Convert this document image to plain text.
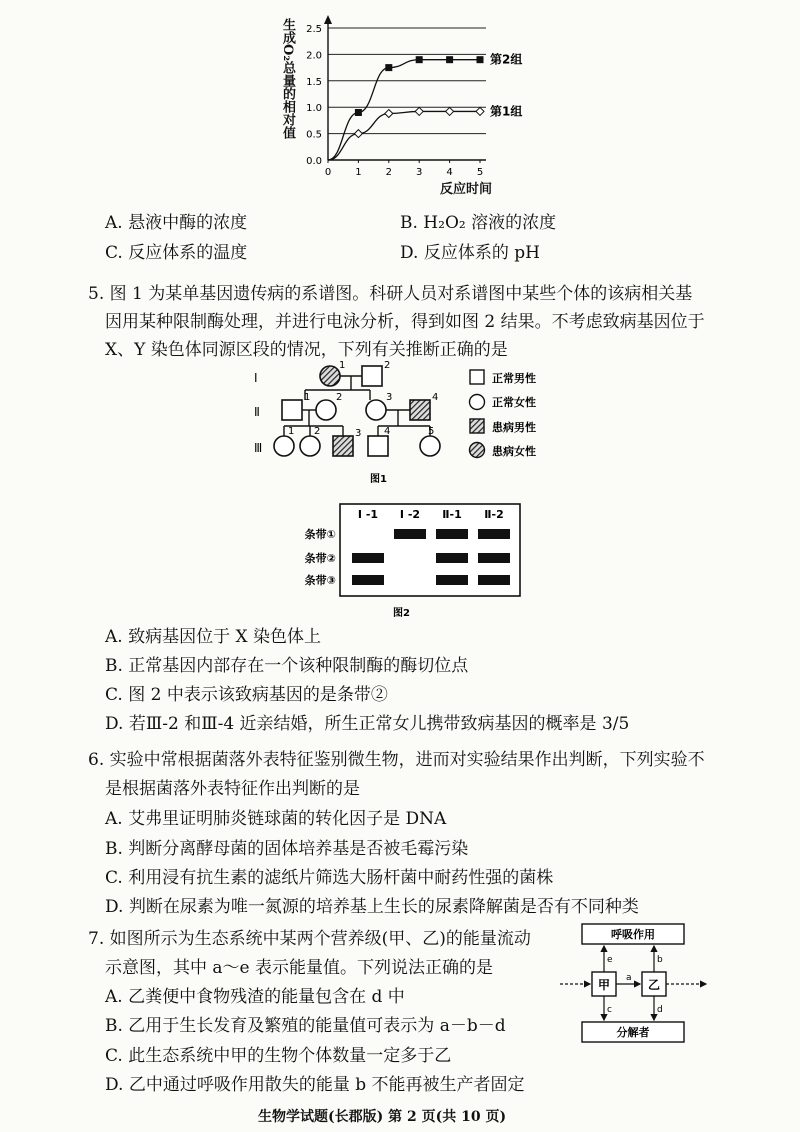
0.0
0.5
1.0
1.5
2.0
2.5
0 1 2 3 4 5
第2组
第1组
生成O₂总量的相对值
反应时间
A. 悬液中酶的浓度	B. H₂O₂ 溶液的浓度
C. 反应体系的温度	D. 反应体系的 pH
5. 图 1 为某单基因遗传病的系谱图。科研人员对系谱图中某些个体的该病相关基
因用某种限制酶处理，并进行电泳分析，得到如图 2 结果。不考虑致病基因位于
X、Y 染色体同源区段的情况，下列有关推断正确的是
I
1	2
Ⅱ
1	2	3	4
Ⅲ
1 2	3 4	5
图1
正常男性
正常女性
患病男性
患病女性
I -1 I -2 Ⅱ-1 Ⅱ-2
条带①
条带②
条带③
图2
A. 致病基因位于 X 染色体上
B. 正常基因内部存在一个该种限制酶的酶切位点
C. 图 2 中表示该致病基因的是条带②
D. 若Ⅲ-2 和Ⅲ-4 近亲结婚，所生正常女儿携带致病基因的概率是 3/5
6. 实验中常根据菌落外表特征鉴别微生物，进而对实验结果作出判断，下列实验不
是根据菌落外表特征作出判断的是
A. 艾弗里证明肺炎链球菌的转化因子是 DNA
B. 判断分离酵母菌的固体培养基是否被毛霉污染
C. 利用浸有抗生素的滤纸片筛选大肠杆菌中耐药性强的菌株
D. 判断在尿素为唯一氮源的培养基上生长的尿素降解菌是否有不同种类
7. 如图所示为生态系统中某两个营养级(甲、乙)的能量流动
示意图，其中 a～e 表示能量值。下列说法正确的是
A. 乙粪便中食物残渣的能量包含在 d 中
B. 乙用于生长发育及繁殖的能量值可表示为 a－b－d
C. 此生态系统中甲的生物个体数量一定多于乙
D. 乙中通过呼吸作用散失的能量 b 不能再被生产者固定
呼吸作用
甲	乙
分解者
a
e	b
c	d
生物学试题(长郡版) 第 2 页(共 10 页)
